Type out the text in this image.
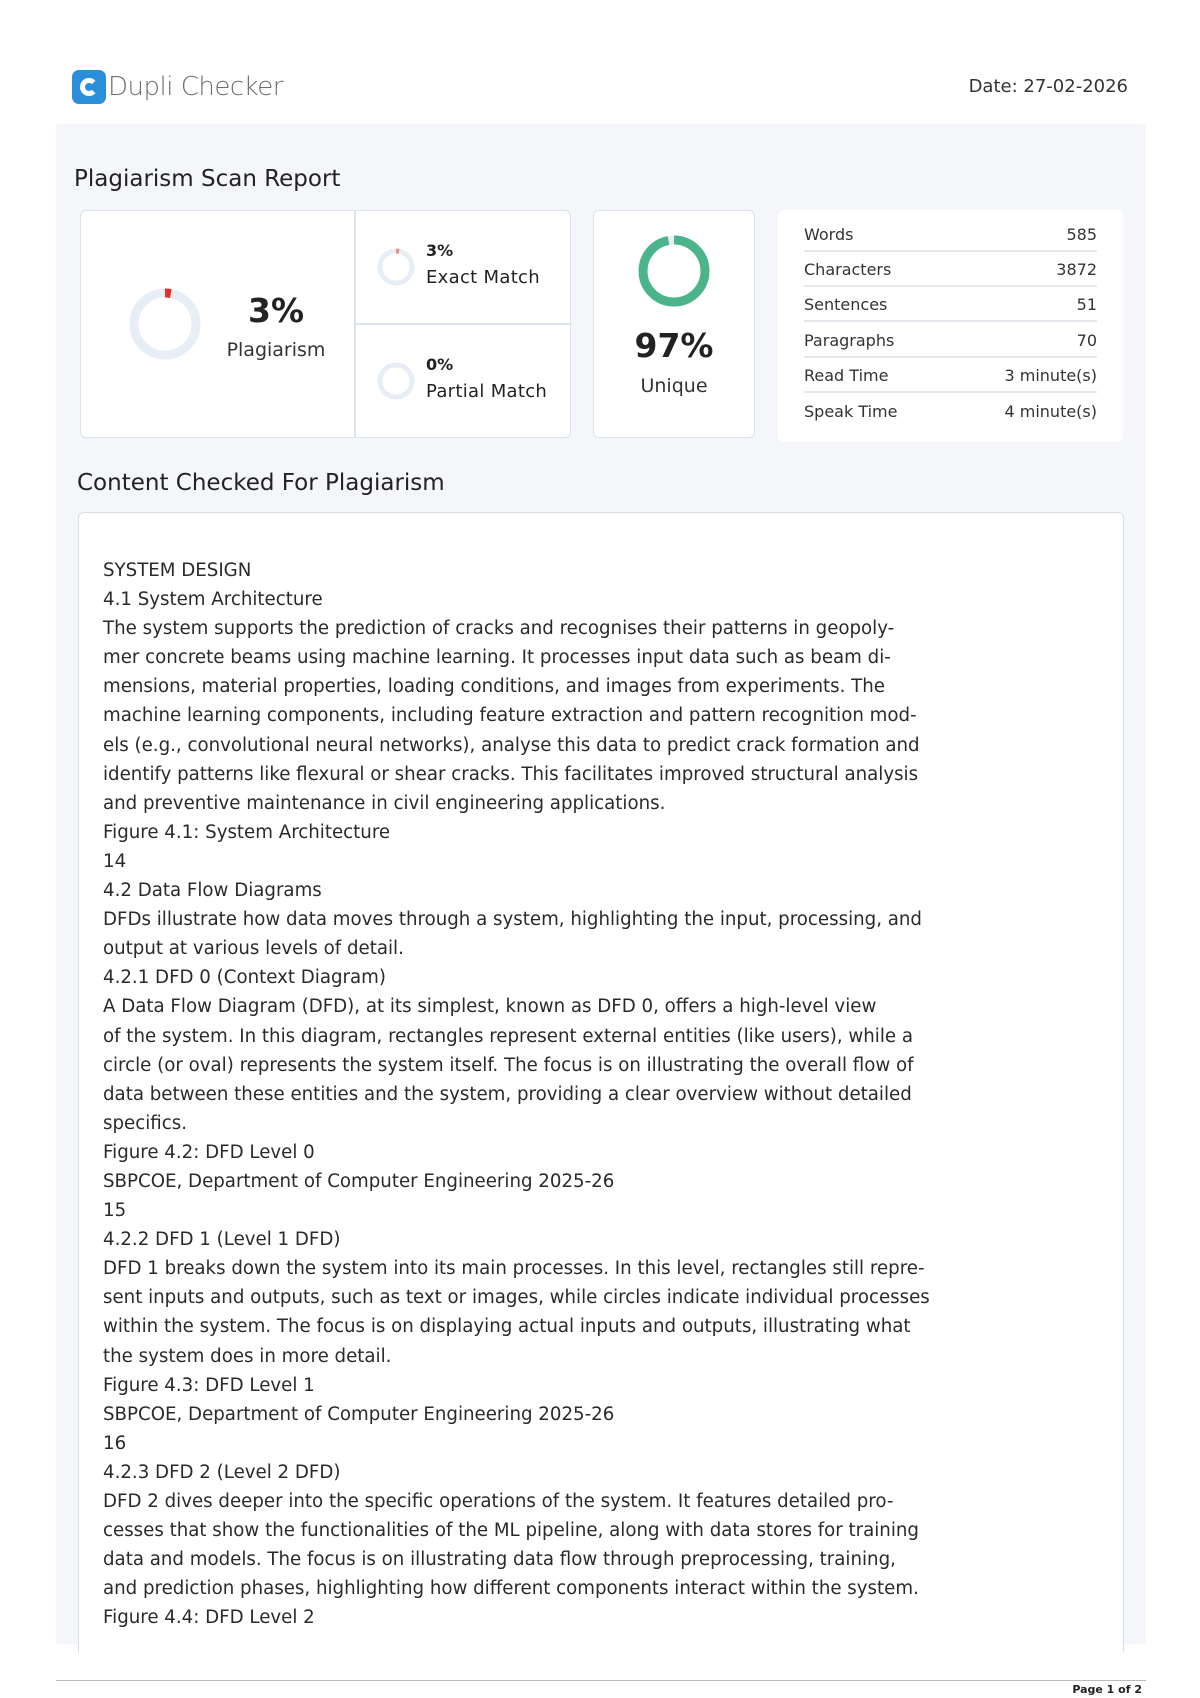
Dupli Checker	Date: 27-02-2026
Plagiarism Scan Report
3%
Plagiarism
3%
Exact Match
0%
Partial Match
97%
Unique
Words	585
Characters	3872
Sentences	51
Paragraphs	70
Read Time	3 minute(s)
Speak Time	4 minute(s)
Content Checked For Plagiarism
SYSTEM DESIGN
4.1 System Architecture
The system supports the prediction of cracks and recognises their patterns in geopoly-
mer concrete beams using machine learning. It processes input data such as beam di-
mensions, material properties, loading conditions, and images from experiments. The
machine learning components, including feature extraction and pattern recognition mod-
els (e.g., convolutional neural networks), analyse this data to predict crack formation and
identify patterns like flexural or shear cracks. This facilitates improved structural analysis
and preventive maintenance in civil engineering applications.
Figure 4.1: System Architecture
14
4.2 Data Flow Diagrams
DFDs illustrate how data moves through a system, highlighting the input, processing, and
output at various levels of detail.
4.2.1 DFD 0 (Context Diagram)
A Data Flow Diagram (DFD), at its simplest, known as DFD 0, offers a high-level view
of the system. In this diagram, rectangles represent external entities (like users), while a
circle (or oval) represents the system itself. The focus is on illustrating the overall flow of
data between these entities and the system, providing a clear overview without detailed
specifics.
Figure 4.2: DFD Level 0
SBPCOE, Department of Computer Engineering 2025-26
15
4.2.2 DFD 1 (Level 1 DFD)
DFD 1 breaks down the system into its main processes. In this level, rectangles still repre-
sent inputs and outputs, such as text or images, while circles indicate individual processes
within the system. The focus is on displaying actual inputs and outputs, illustrating what
the system does in more detail.
Figure 4.3: DFD Level 1
SBPCOE, Department of Computer Engineering 2025-26
16
4.2.3 DFD 2 (Level 2 DFD)
DFD 2 dives deeper into the specific operations of the system. It features detailed pro-
cesses that show the functionalities of the ML pipeline, along with data stores for training
data and models. The focus is on illustrating data flow through preprocessing, training,
and prediction phases, highlighting how different components interact within the system.
Figure 4.4: DFD Level 2
Page 1 of 2
